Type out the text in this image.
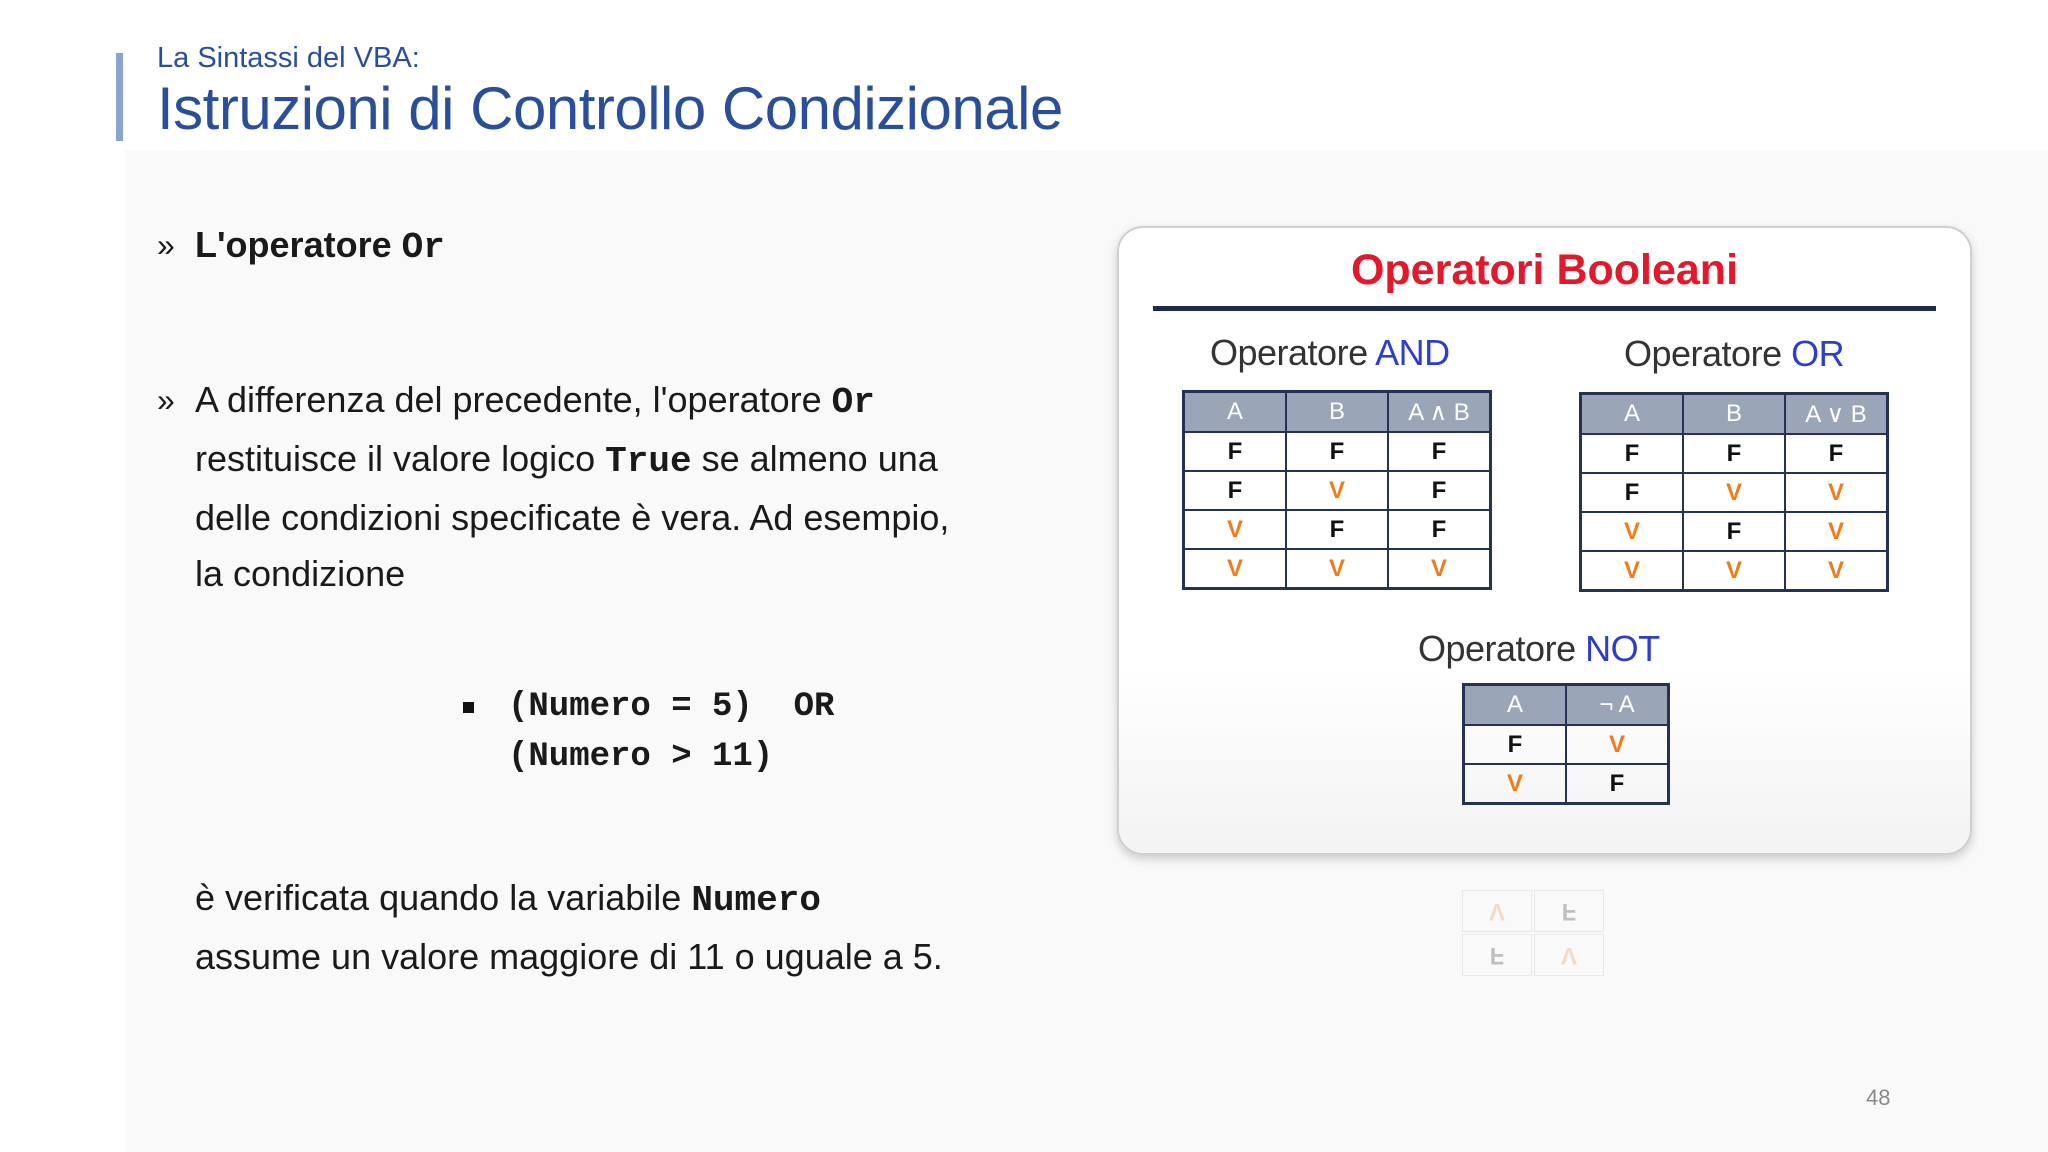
La Sintassi del VBA:
Istruzioni di Controllo Condizionale
» L'operatore Or
» A differenza del precedente, l'operatore Or
restituisce il valore logico True se almeno una
delle condizioni specificate è vera. Ad esempio,
la condizione
(Numero = 5)  OR
(Numero > 11)
è verificata quando la variabile Numero
assume un valore maggiore di 11 o uguale a 5.
Operatori Booleani
Operatore AND	Operatore OR
Operatore NOT
A	B	A ∧ B
F	F	F
F	V	F
V	F	F
V	V	V
A	B	A ∨ B
F	F	F
F	V	V
V	F	V
V	V	V
A	¬ A
F	V
V	F
V	F
F	V
48
